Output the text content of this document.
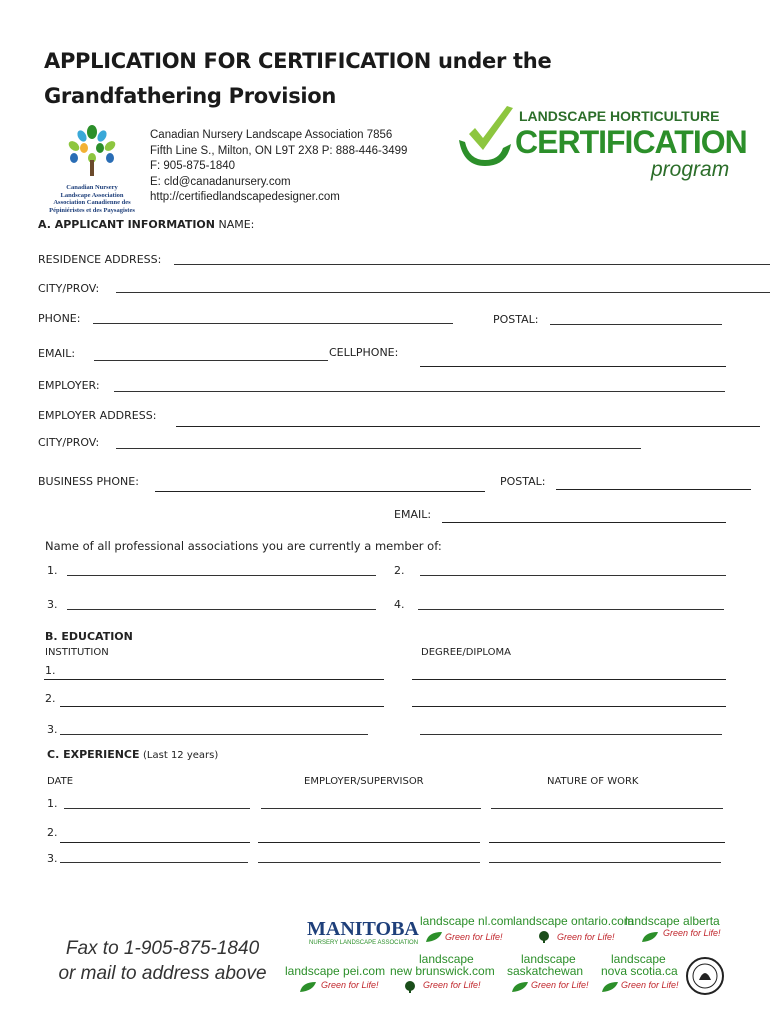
APPLICATION FOR CERTIFICATION under the
Grandfathering Provision
Canadian Nursery
Landscape Association
Association Canadienne des
Pépiniéristes et des Paysagistes
Canadian Nursery Landscape Association 7856
Fifth Line S., Milton, ON L9T 2X8 P: 888-446-3499
F: 905-875-1840
E: cld@canadanursery.com
http://certifiedlandscapedesigner.com
LANDSCAPE HORTICULTURE
CERTIFICATION
program
A. APPLICANT INFORMATION NAME:
RESIDENCE ADDRESS:
CITY/PROV:
PHONE:	POSTAL:
EMAIL:	CELLPHONE:
EMPLOYER:
EMPLOYER ADDRESS:
CITY/PROV:
BUSINESS PHONE:	POSTAL:
EMAIL:
Name of all professional associations you are currently a member of:
1.	2.
3.	4.
B. EDUCATION
INSTITUTION	DEGREE/DIPLOMA
1.
2.
3.
C. EXPERIENCE (Last 12 years)
DATE	EMPLOYER/SUPERVISOR	NATURE OF WORK
1.
2.
3.
Fax to 1-905-875-1840
or mail to address above
MANITOBA
NURSERY LANDSCAPE ASSOCIATION
landscape nl.com
Green for Life!
landscape ontario.com
Green for Life!
landscape alberta
Green for Life!
landscape pei.com
Green for Life!
landscape
new brunswick.com
Green for Life!
landscape
saskatchewan
Green for Life!
landscape
nova scotia.ca
Green for Life!
